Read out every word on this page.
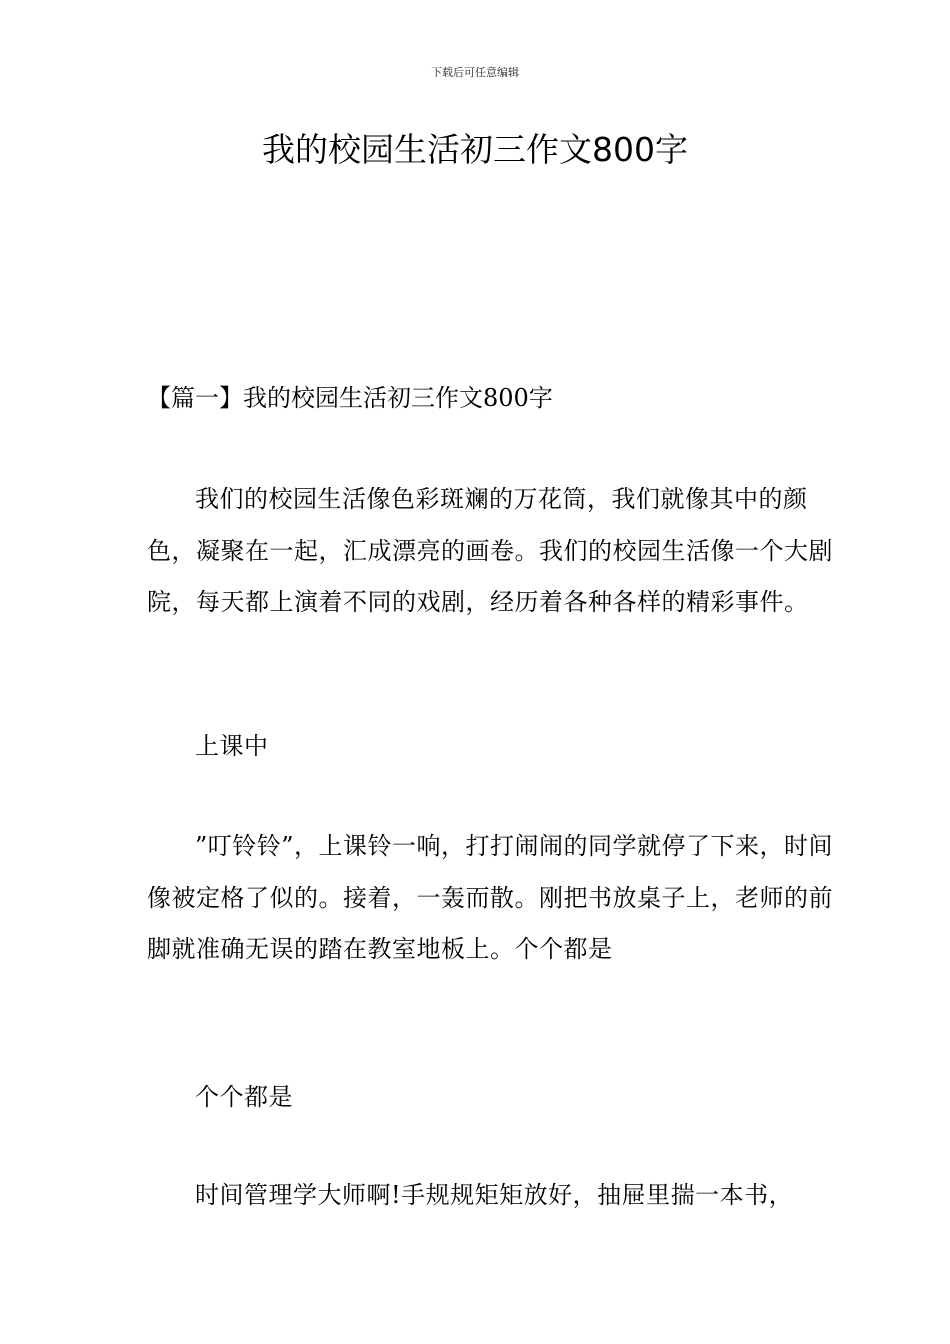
下载后可任意编辑
我的校园生活初三作文800字
【篇一】我的校园生活初三作文800字

我们的校园生活像色彩斑斓的万花筒，我们就像其中的颜色，凝聚在一起，汇成漂亮的画卷。我们的校园生活像一个大剧院，每天都上演着不同的戏剧，经历着各种各样的精彩事件。

上课中

”叮铃铃”，上课铃一响，打打闹闹的同学就停了下来，时间像被定格了似的。接着，一轰而散。刚把书放桌子上，老师的前脚就准确无误的踏在教室地板上。个个都是

个个都是

时间管理学大师啊!手规规矩矩放好，抽屉里揣一本书，
